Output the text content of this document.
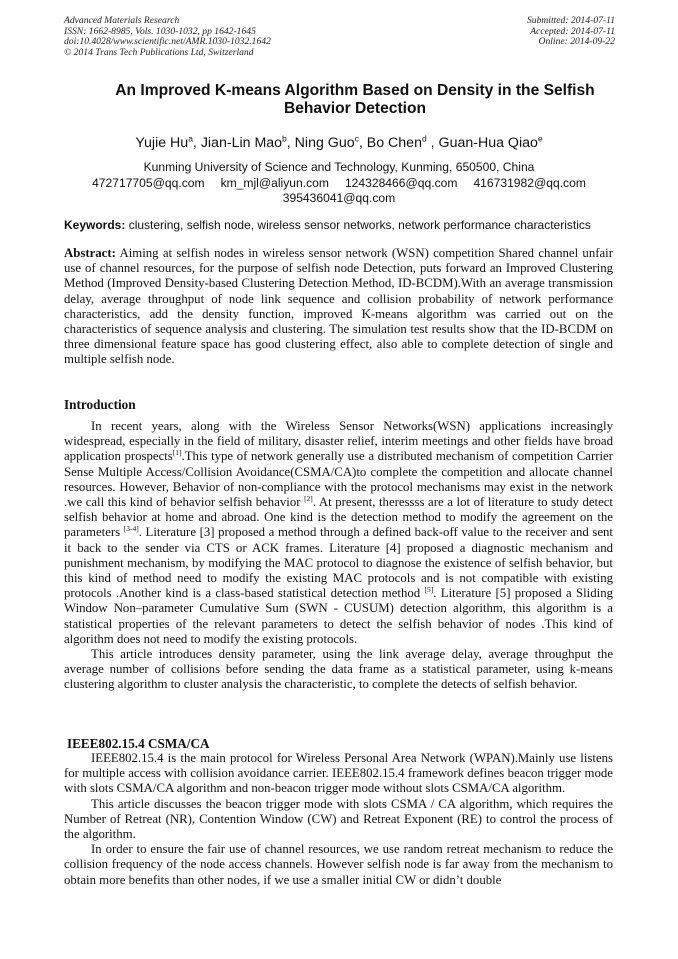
Advanced Materials Research
ISSN: 1662-8985, Vols. 1030-1032, pp 1642-1645
doi:10.4028/www.scientific.net/AMR.1030-1032.1642
© 2014 Trans Tech Publications Ltd, Switzerland
Submitted: 2014-07-11
Accepted: 2014-07-11
Online: 2014-09-22
An Improved K-means Algorithm Based on Density in the Selfish Behavior Detection
Yujie Hu$^a$, Jian-Lin Mao$^b$, Ning Guo$^c$, Bo Chen$^d$ , Guan-Hua Qiao$^e$
Kunming University of Science and Technology, Kunming, 650500, China
472717705@qq.com km_mjl@aliyun.com 124328466@qq.com 416731982@qq.com
395436041@qq.com
Keywords: clustering, selfish node, wireless sensor networks, network performance characteristics

Abstract: Aiming at selfish nodes in wireless sensor network (WSN) competition Shared channel unfair use of channel resources, for the purpose of selfish node Detection, puts forward an Improved Clustering Method (Improved Density-based Clustering Detection Method, ID-BCDM).With an average transmission delay, average throughput of node link sequence and collision probability of network performance characteristics, add the density function, improved K-means algorithm was carried out on the characteristics of sequence analysis and clustering. The simulation test results show that the ID-BCDM on three dimensional feature space has good clustering effect, also able to complete detection of single and multiple selfish node.

Introduction

In recent years, along with the Wireless Sensor Networks(WSN) applications increasingly widespread, especially in the field of military, disaster relief, interim meetings and other fields have broad application prospects[1].This type of network generally use a distributed mechanism of competition Carrier Sense Multiple Access/Collision Avoidance(CSMA/CA)to complete the competition and allocate channel resources. However, Behavior of non-compliance with the protocol mechanisms may exist in the network .we call this kind of behavior selfish behavior [2]. At present, theressss are a lot of literature to study detect selfish behavior at home and abroad. One kind is the detection method to modify the agreement on the parameters [3-4]. Literature [3] proposed a method through a defined back-off value to the receiver and sent it back to the sender via CTS or ACK frames. Literature [4] proposed a diagnostic mechanism and punishment mechanism, by modifying the MAC protocol to diagnose the existence of selfish behavior, but this kind of method need to modify the existing MAC protocols and is not compatible with existing protocols .Another kind is a class-based statistical detection method [5]. Literature [5] proposed a Sliding Window Non–parameter Cumulative Sum (SWN - CUSUM) detection algorithm, this algorithm is a statistical properties of the relevant parameters to detect the selfish behavior of nodes .This kind of algorithm does not need to modify the existing protocols.

This article introduces density parameter, using the link average delay, average throughput the average number of collisions before sending the data frame as a statistical parameter, using k-means clustering algorithm to cluster analysis the characteristic, to complete the detects of selfish behavior.

IEEE802.15.4 CSMA/CA

IEEE802.15.4 is the main protocol for Wireless Personal Area Network (WPAN).Mainly use listens for multiple access with collision avoidance carrier. IEEE802.15.4 framework defines beacon trigger mode with slots CSMA/CA algorithm and non-beacon trigger mode without slots CSMA/CA algorithm.

This article discusses the beacon trigger mode with slots CSMA / CA algorithm, which requires the Number of Retreat (NR), Contention Window (CW) and Retreat Exponent (RE) to control the process of the algorithm.

In order to ensure the fair use of channel resources, we use random retreat mechanism to reduce the collision frequency of the node access channels. However selfish node is far away from the mechanism to obtain more benefits than other nodes, if we use a smaller initial CW or didn’t double
